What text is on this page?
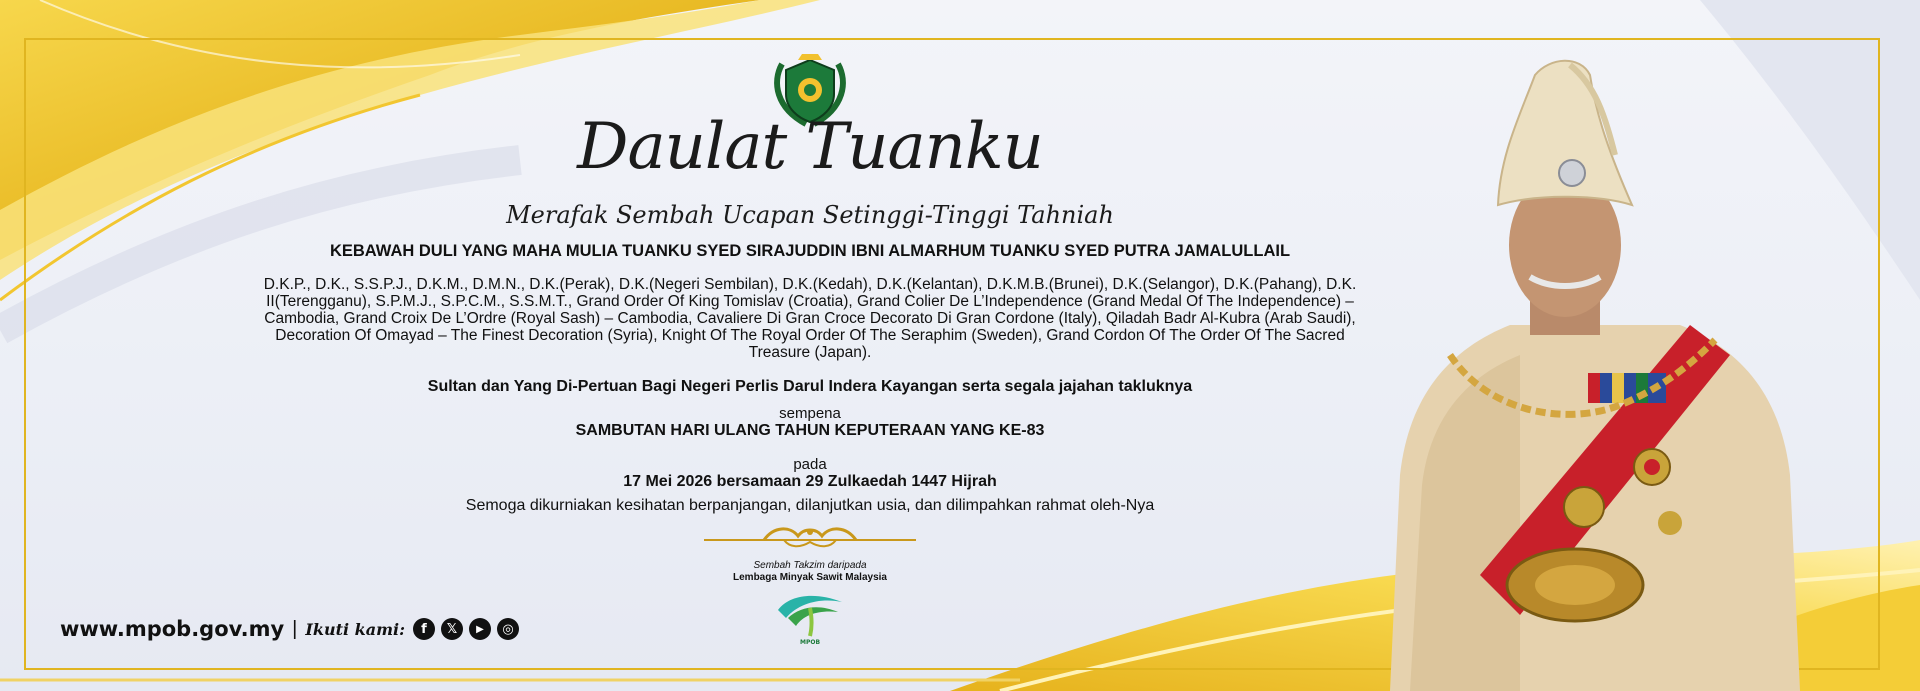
Daulat Tuanku
Merafak Sembah Ucapan Setinggi-Tinggi Tahniah
KEBAWAH DULI YANG MAHA MULIA TUANKU SYED SIRAJUDDIN IBNI ALMARHUM TUANKU SYED PUTRA JAMALULLAIL
D.K.P., D.K., S.S.P.J., D.K.M., D.M.N., D.K.(Perak), D.K.(Negeri Sembilan), D.K.(Kedah), D.K.(Kelantan), D.K.M.B.(Brunei), D.K.(Selangor), D.K.(Pahang), D.K. II(Terengganu), S.P.M.J., S.P.C.M., S.S.M.T., Grand Order Of King Tomislav (Croatia), Grand Colier De L’Independence (Grand Medal Of The Independence) – Cambodia, Grand Croix De L’Ordre (Royal Sash) – Cambodia, Cavaliere Di Gran Croce Decorato Di Gran Cordone (Italy), Qiladah Badr Al-Kubra (Arab Saudi), Decoration Of Omayad – The Finest Decoration (Syria), Knight Of The Royal Order Of The Seraphim (Sweden), Grand Cordon Of The Order Of The Sacred Treasure (Japan).
Sultan dan Yang Di-Pertuan Bagi Negeri Perlis Darul Indera Kayangan serta segala jajahan takluknya
sempena
SAMBUTAN HARI ULANG TAHUN KEPUTERAAN YANG KE-83
pada
17 Mei 2026 bersamaan 29 Zulkaedah 1447 Hijrah
Semoga dikurniakan kesihatan berpanjangan, dilanjutkan usia, dan dilimpahkan rahmat oleh-Nya
Sembah Takzim daripada
Lembaga Minyak Sawit Malaysia
MPOB
www.mpob.gov.my | Ikuti kami:	f	𝕏	▶	◎
